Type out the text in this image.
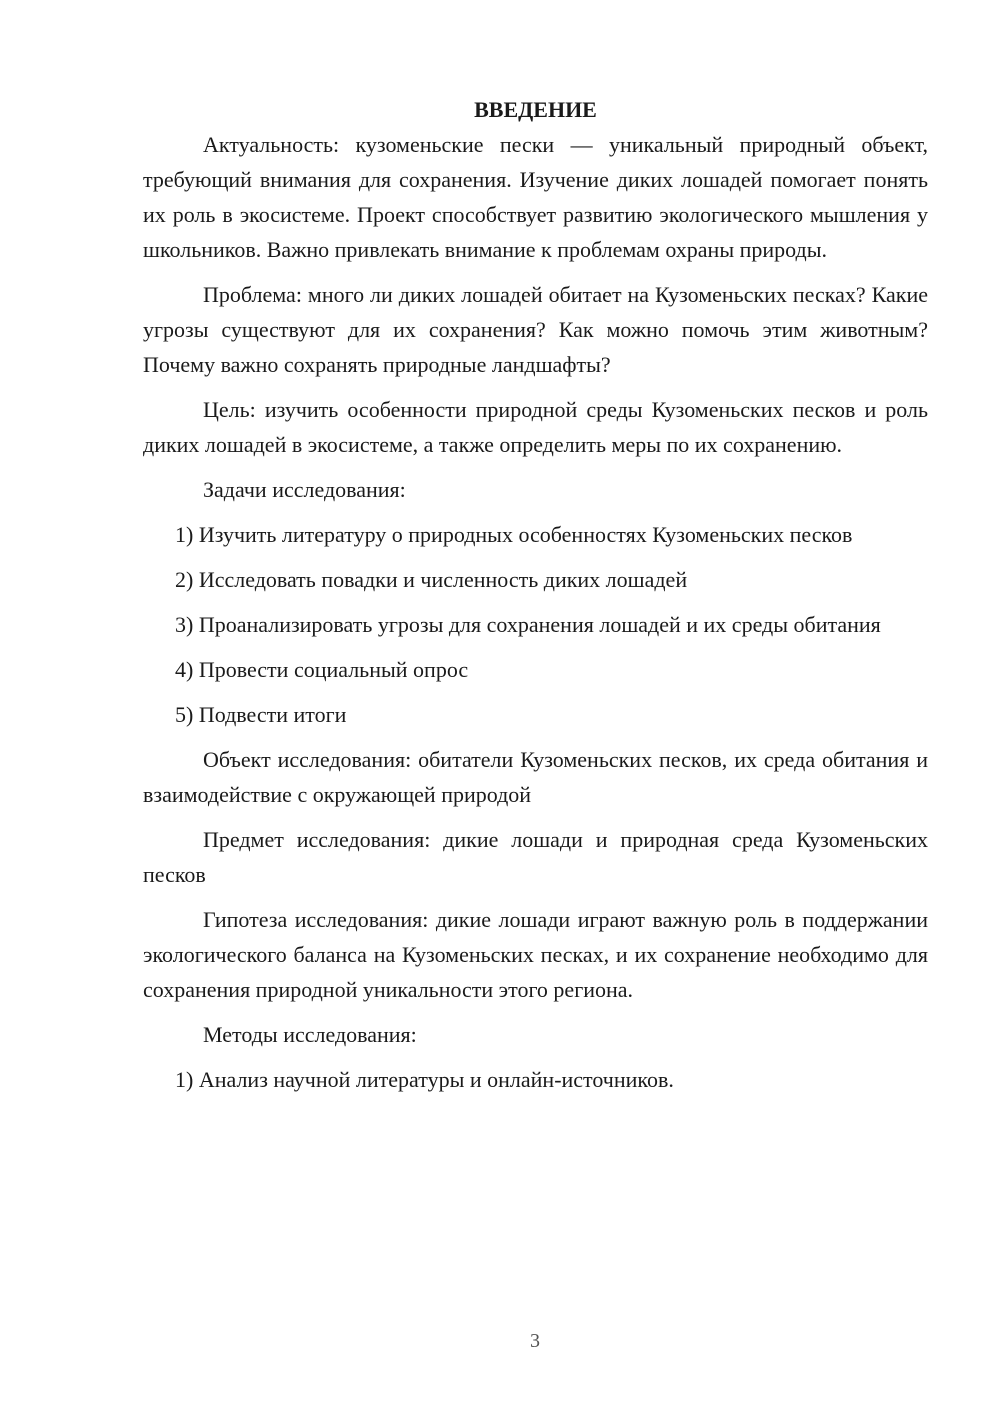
ВВЕДЕНИЕ

Актуальность: кузоменьские пески — уникальный природный объект, требующий внимания для сохранения. Изучение диких лошадей помогает понять их роль в экосистеме. Проект способствует развитию экологического мышления у школьников. Важно привлекать внимание к проблемам охраны природы.

Проблема: много ли диких лошадей обитает на Кузоменьских песках? Какие угрозы существуют для их сохранения? Как можно помочь этим животным? Почему важно сохранять природные ландшафты?

Цель: изучить особенности природной среды Кузоменьских песков и роль диких лошадей в экосистеме, а также определить меры по их сохранению.

Задачи исследования:

1) Изучить литературу о природных особенностях Кузоменьских песков

2) Исследовать повадки и численность диких лошадей

3) Проанализировать угрозы для сохранения лошадей и их среды обитания

4) Провести социальный опрос

5) Подвести итоги

Объект исследования: обитатели Кузоменьских песков, их среда обитания и взаимодействие с окружающей природой

Предмет исследования: дикие лошади и природная среда Кузоменьских песков

Гипотеза исследования: дикие лошади играют важную роль в поддержании экологического баланса на Кузоменьских песках, и их сохранение необходимо для сохранения природной уникальности этого региона.

Методы исследования:

1) Анализ научной литературы и онлайн-источников.

3
